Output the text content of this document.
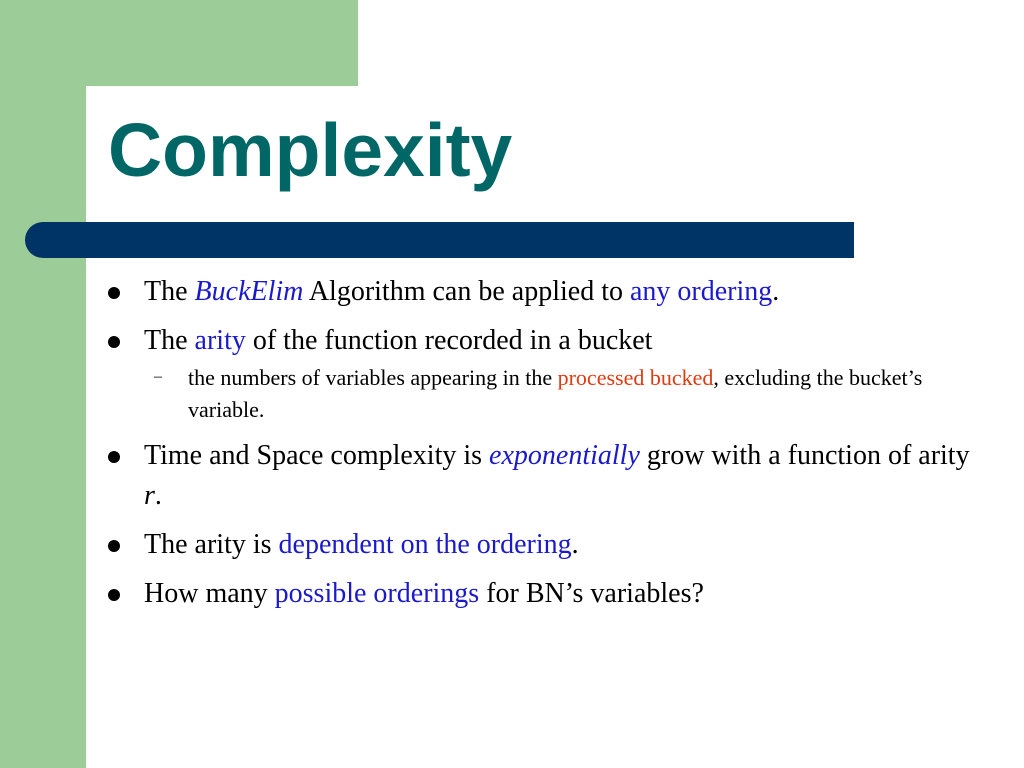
Complexity
The BuckElim Algorithm can be applied to any ordering.
The arity of the function recorded in a bucket
– the numbers of variables appearing in the processed bucked, excluding the bucket’s variable.
Time and Space complexity is exponentially grow with a function of arity r.
The arity is dependent on the ordering.
How many possible orderings for BN’s variables?
